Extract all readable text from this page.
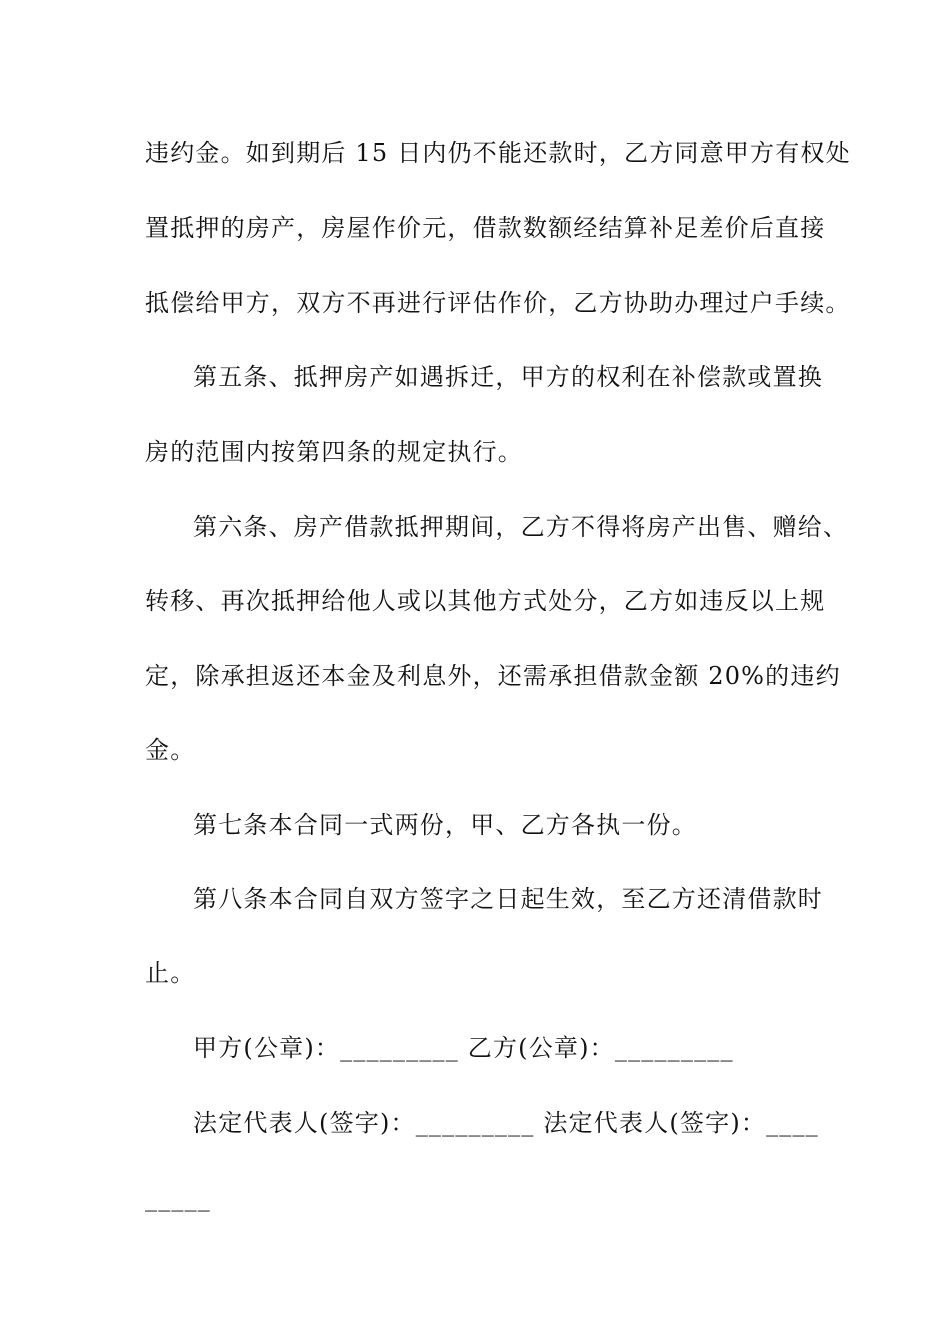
违约金。如到期后 15 日内仍不能还款时，乙方同意甲方有权处
置抵押的房产，房屋作价元，借款数额经结算补足差价后直接
抵偿给甲方，双方不再进行评估作价，乙方协助办理过户手续。
第五条、抵押房产如遇拆迁，甲方的权利在补偿款或置换
房的范围内按第四条的规定执行。
第六条、房产借款抵押期间，乙方不得将房产出售、赠给、
转移、再次抵押给他人或以其他方式处分，乙方如违反以上规
定，除承担返还本金及利息外，还需承担借款金额 20%的违约
金。
第七条本合同一式两份，甲、乙方各执一份。
第八条本合同自双方签字之日起生效，至乙方还清借款时
止。
甲方(公章)：_________ 乙方(公章)：_________
法定代表人(签字)：_________ 法定代表人(签字)：____
_____
